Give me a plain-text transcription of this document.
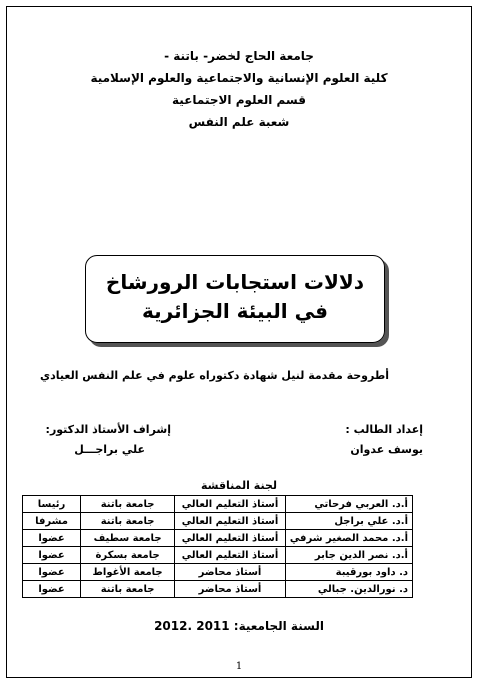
جامعة الحاج لخضر- باتنة -
كلية العلوم الإنسانية والاجتماعية والعلوم الإسلامية
قسم العلوم الاجتماعية
شعبة علم النفس
دلالات استجابات الرورشاخ
في البيئة الجزائرية
أطروحة مقدمة لنيل شهادة دكتوراه علوم في علم النفس العيادي
إعداد الطالب :
يوسف عدوان
إشراف الأستاذ الدكتور:
علي براجـــل
لجنة المناقشة
أ.د. العربي فرحاتي	أستاذ التعليم العالي	جامعة باتنة	رئيسا
أ.د. علي براجل	أستاذ التعليم العالي	جامعة باتنة	مشرفا
أ.د. محمد الصغير شرفي	أستاذ التعليم العالي	جامعة سطيف	عضوا
أ.د. نصر الدين جابر	أستاذ التعليم العالي	جامعة بسكرة	عضوا
د. داود بورقيبة	أستاذ محاضر	جامعة الأغواط	عضوا
د. نورالدين. جبالي	أستاذ محاضر	جامعة باتنة	عضوا
السنة الجامعية: 2011 .2012
1
